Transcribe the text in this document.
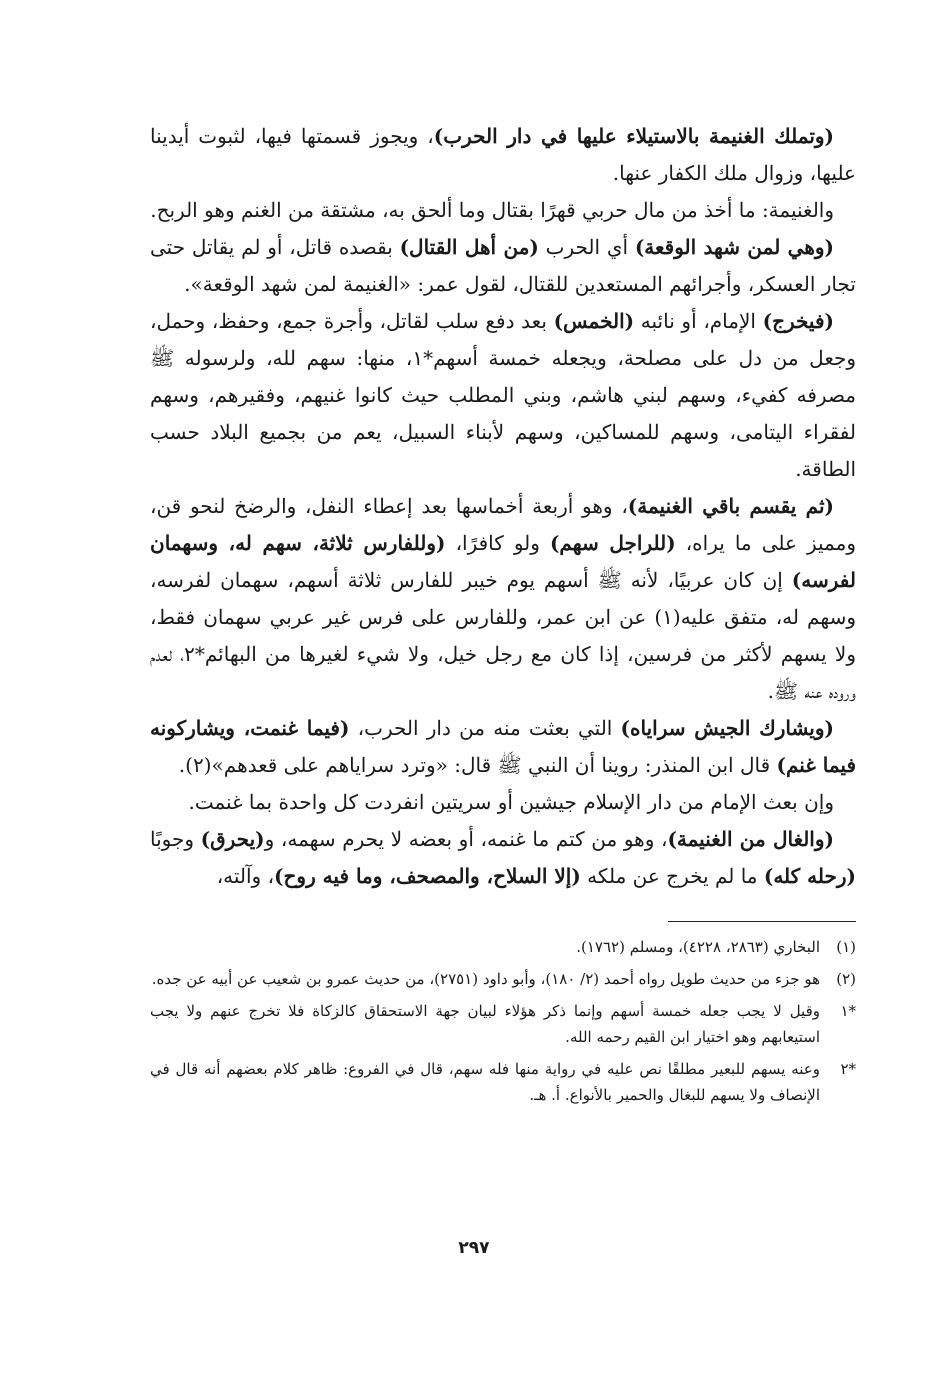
(وتملك الغنيمة بالاستيلاء عليها في دار الحرب)، ويجوز قسمتها فيها، لثبوت أيدينا عليها، وزوال ملك الكفار عنها.

والغنيمة: ما أخذ من مال حربي قهرًا بقتال وما ألحق به، مشتقة من الغنم وهو الربح.

(وهي لمن شهد الوقعة) أي الحرب (من أهل القتال) بقصده قاتل، أو لم يقاتل حتى تجار العسكر، وأجرائهم المستعدين للقتال، لقول عمر: «الغنيمة لمن شهد الوقعة».

(فيخرج) الإمام، أو نائبه (الخمس) بعد دفع سلب لقاتل، وأجرة جمع، وحفظ، وحمل، وجعل من دل على مصلحة، ويجعله خمسة أسهم*١، منها: سهم لله، ولرسوله ﷺ مصرفه كفيء، وسهم لبني هاشم، وبني المطلب حيث كانوا غنيهم، وفقيرهم، وسهم لفقراء اليتامى، وسهم للمساكين، وسهم لأبناء السبيل، يعم من بجميع البلاد حسب الطاقة.

(ثم يقسم باقي الغنيمة)، وهو أربعة أخماسها بعد إعطاء النفل، والرضخ لنحو قن، ومميز على ما يراه، (للراجل سهم) ولو كافرًا، (وللفارس ثلاثة، سهم له، وسهمان لفرسه) إن كان عربيًا، لأنه ﷺ أسهم يوم خيبر للفارس ثلاثة أسهم، سهمان لفرسه، وسهم له، متفق عليه(١) عن ابن عمر، وللفارس على فرس غير عربي سهمان فقط، ولا يسهم لأكثر من فرسين، إذا كان مع رجل خيل، ولا شيء لغيرها من البهائم*٢، لعدم وروده عنه ﷺ.

(ويشارك الجيش سراياه) التي بعثت منه من دار الحرب، (فيما غنمت، ويشاركونه فيما غنم) قال ابن المنذر: روينا أن النبي ﷺ قال: «وترد سراياهم على قعدهم»(٢).

وإن بعث الإمام من دار الإسلام جيشين أو سريتين انفردت كل واحدة بما غنمت.

(والغال من الغنيمة)، وهو من كتم ما غنمه، أو بعضه لا يحرم سهمه، و(يحرق) وجوبًا (رحله كله) ما لم يخرج عن ملكه (إلا السلاح، والمصحف، وما فيه روح)، وآلته،

(١)
البخاري (٢٨٦٣، ٤٢٢٨)، ومسلم (١٧٦٢).
(٢)
هو جزء من حديث طويل رواه أحمد (٢/ ١٨٠)، وأبو داود (٢٧٥١)، من حديث عمرو بن شعيب عن أبيه عن جده.
*١
وقيل لا يجب جعله خمسة أسهم وإنما ذكر هؤلاء لبيان جهة الاستحقاق كالزكاة فلا تخرج عنهم ولا يجب استيعابهم وهو اختيار ابن القيم رحمه الله.
*٢
وعنه يسهم للبعير مطلقًا نص عليه في رواية منها فله سهم، قال في الفروع: ظاهر كلام بعضهم أنه قال في الإنصاف ولا يسهم للبغال والحمير بالأنواع. أ. هـ.
٢٩٧
